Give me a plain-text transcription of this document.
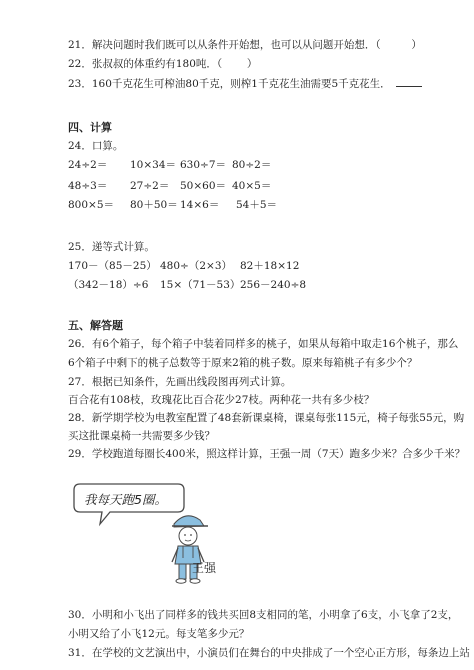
21．解决问题时我们既可以从条件开始想，也可以从问题开始想．（	）
22．张叔叔的体重约有180吨．（ ）
23．160千克花生可榨油80千克，则榨1千克花生油需要5千克花生．
四、计算
24．口算。
24÷2＝ 10×34＝ 630÷7＝ 80÷2＝
48÷3＝ 27÷2＝ 50×60＝ 40×5＝
800×5＝ 80＋50＝ 14×6＝ 54＋5＝
25．递等式计算。
170－（85－25） 480÷（2×3） 82＋18×12
（342－18）÷6 15×（71－53） 256－240÷8
五、解答题
26．有6个箱子，每个箱子中装着同样多的桃子，如果从每箱中取走16个桃子，那么
6个箱子中剩下的桃子总数等于原来2箱的桃子数。原来每箱桃子有多少个？
27．根据已知条件，先画出线段图再列式计算。
百合花有108枝，玫瑰花比百合花少27枝。两种花一共有多少枝？
28．新学期学校为电教室配置了48套新课桌椅，课桌每张115元，椅子每张55元，购
买这批课桌椅一共需要多少钱？
29．学校跑道每圈长400米，照这样计算，王强一周（7天）跑多少米？合多少千米？
我每天跑5圈。
王强
30．小明和小飞出了同样多的钱共买回8支相同的笔，小明拿了6支，小飞拿了2支，
小明又给了小飞12元。每支笔多少元？
31．在学校的文艺演出中，小演员们在舞台的中央排成了一个空心正方形，每条边上站
